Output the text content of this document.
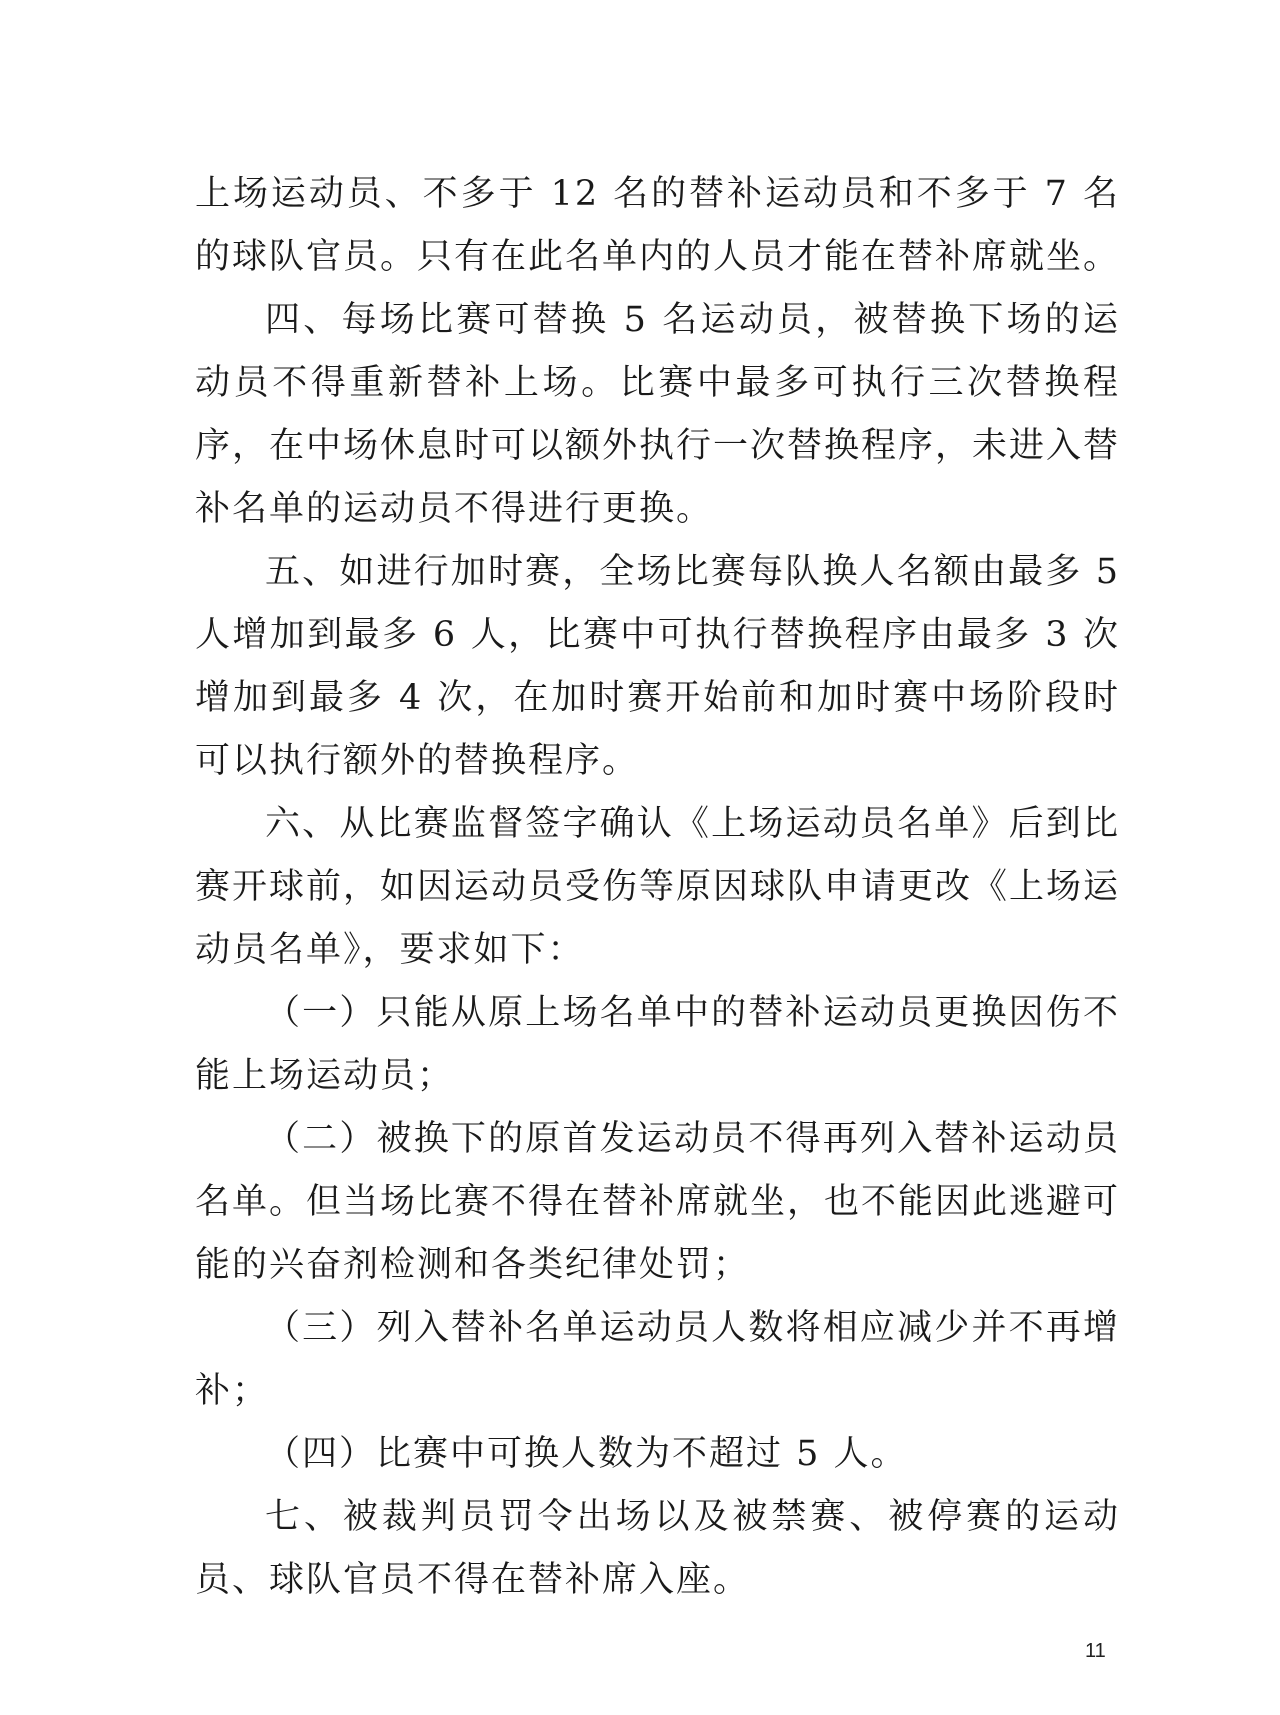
上场运动员、不多于 12 名的替补运动员和不多于 7 名的球队官员。只有在此名单内的人员才能在替补席就坐。

四、每场比赛可替换 5 名运动员，被替换下场的运动员不得重新替补上场。比赛中最多可执行三次替换程序，在中场休息时可以额外执行一次替换程序，未进入替补名单的运动员不得进行更换。

五、如进行加时赛，全场比赛每队换人名额由最多 5 人增加到最多 6 人，比赛中可执行替换程序由最多 3 次增加到最多 4 次，在加时赛开始前和加时赛中场阶段时可以执行额外的替换程序。

六、从比赛监督签字确认《上场运动员名单》后到比赛开球前，如因运动员受伤等原因球队申请更改《上场运动员名单》，要求如下：

（一）只能从原上场名单中的替补运动员更换因伤不能上场运动员；

（二）被换下的原首发运动员不得再列入替补运动员名单。但当场比赛不得在替补席就坐，也不能因此逃避可能的兴奋剂检测和各类纪律处罚；

（三）列入替补名单运动员人数将相应减少并不再增补；

（四）比赛中可换人数为不超过 5 人。

七、被裁判员罚令出场以及被禁赛、被停赛的运动员、球队官员不得在替补席入座。

11
